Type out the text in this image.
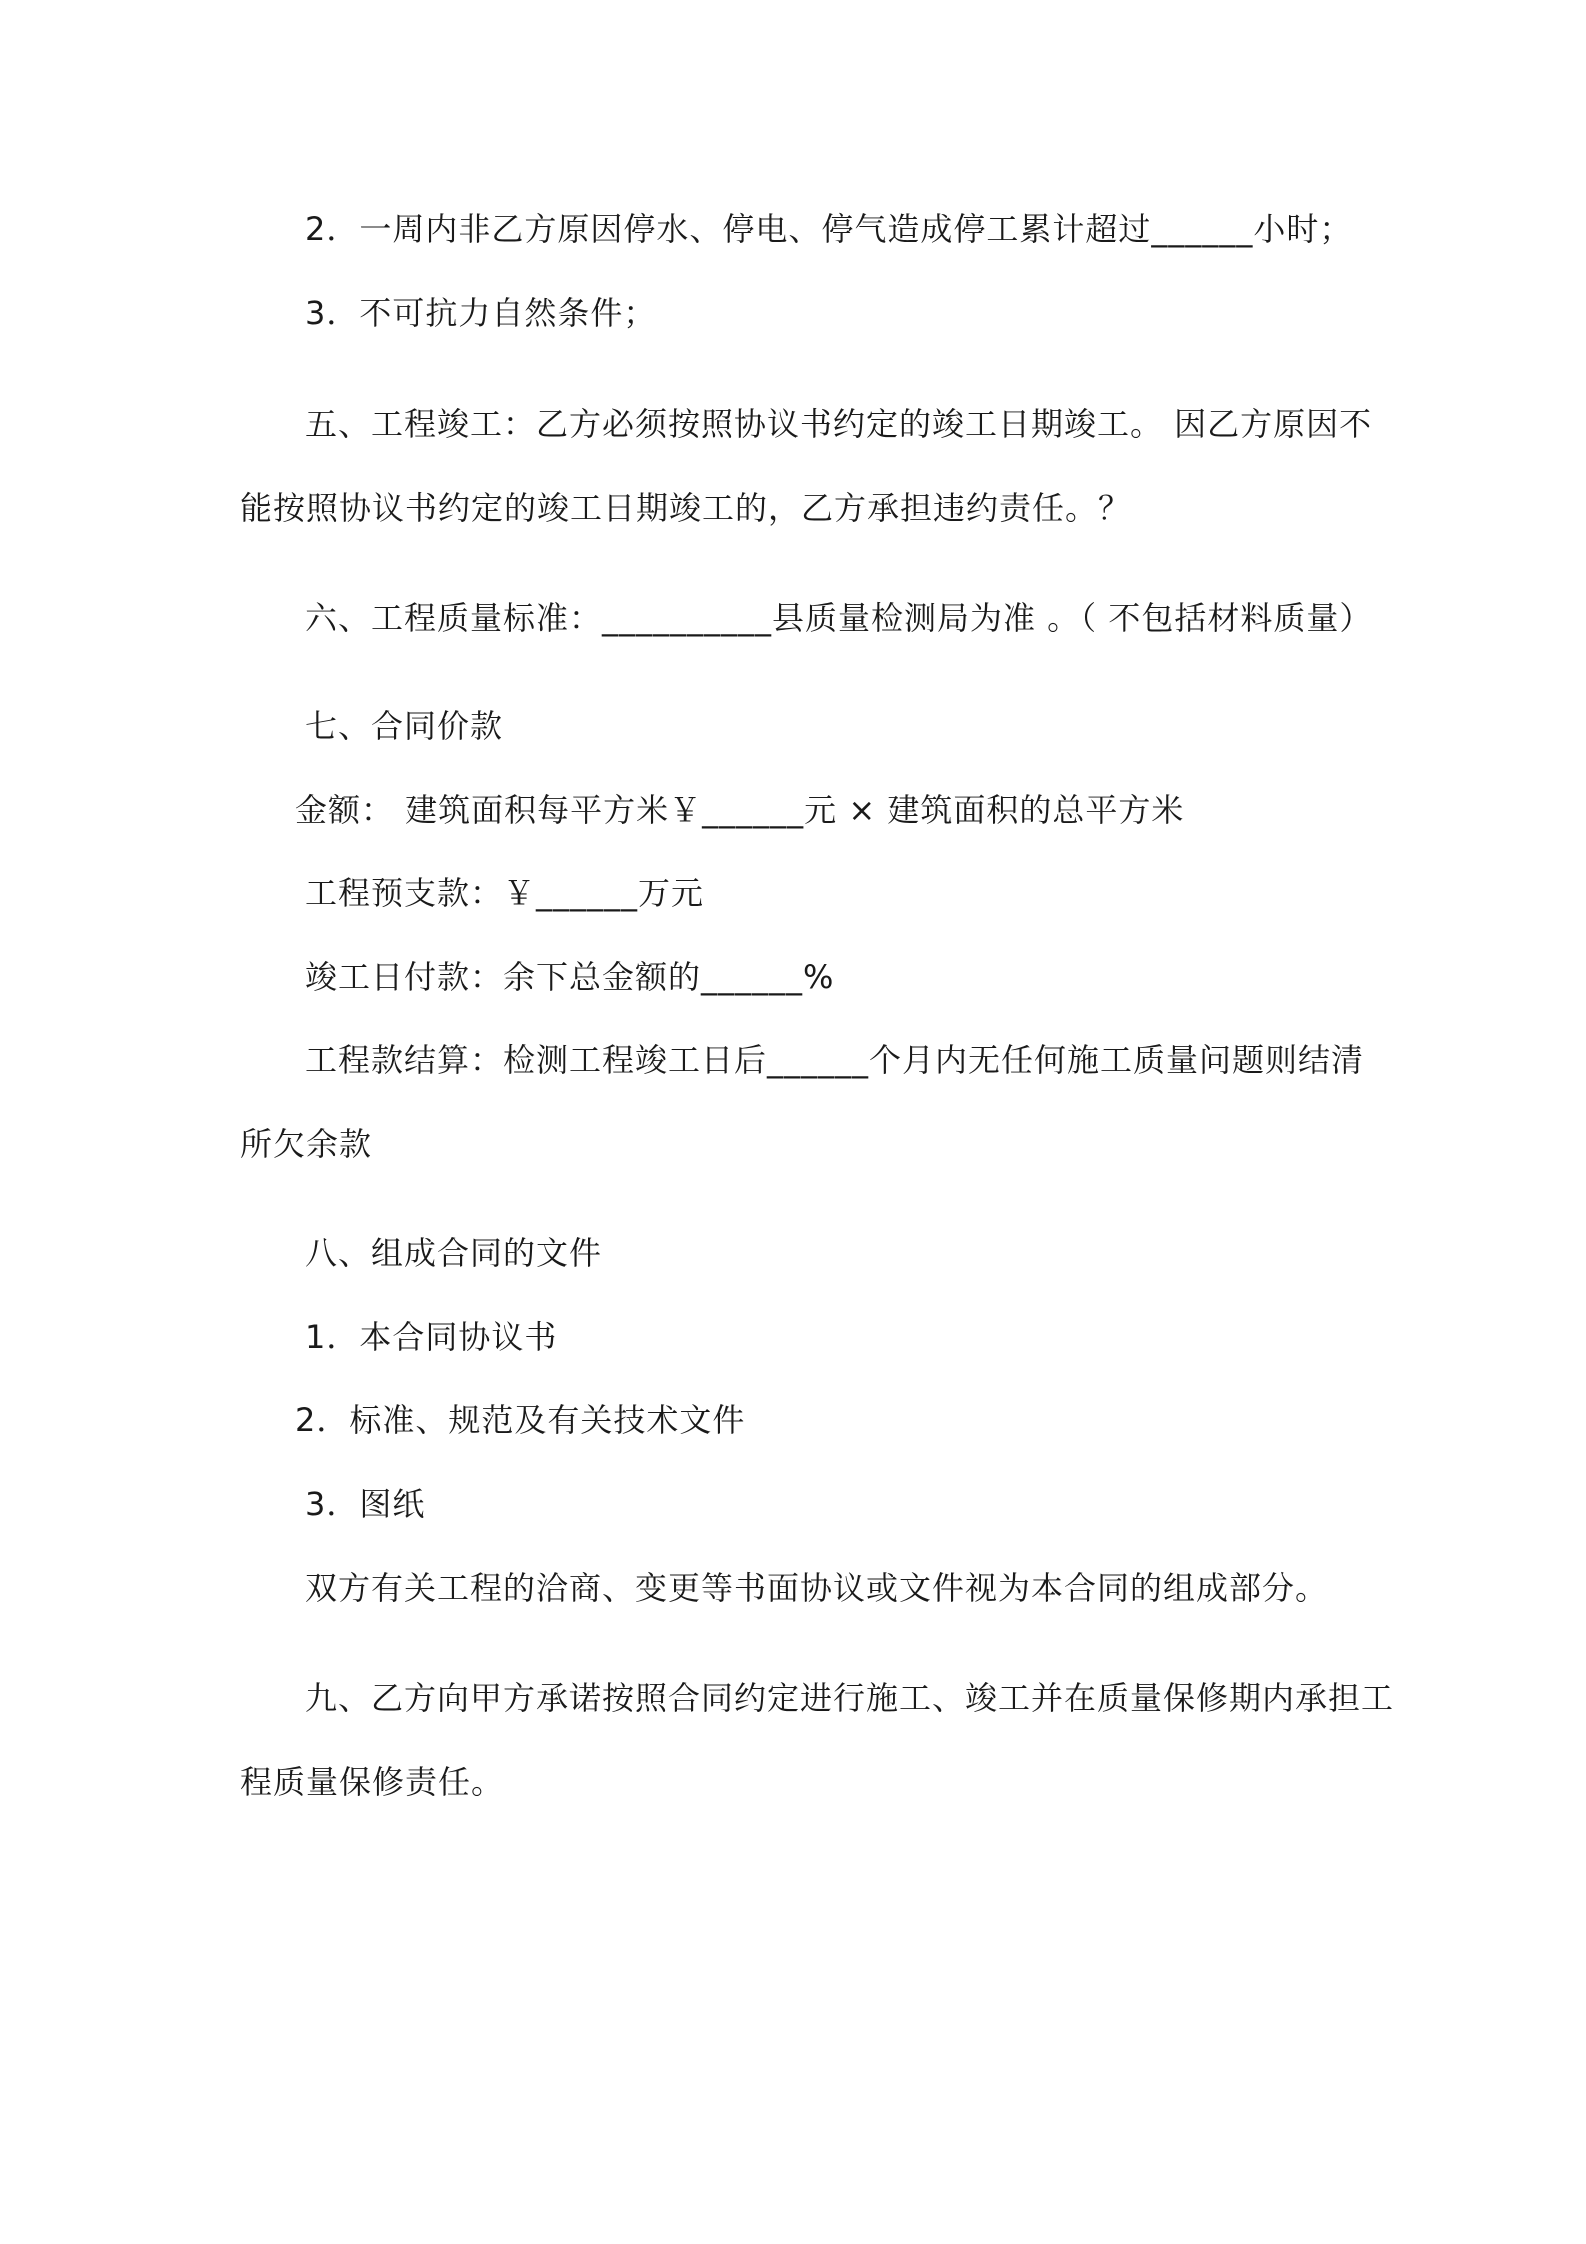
2．一周内非乙方原因停水、停电、停气造成停工累计超过______小时；

3．不可抗力自然条件；

五、工程竣工：乙方必须按照协议书约定的竣工日期竣工。 因乙方原因不

能按照协议书约定的竣工日期竣工的，乙方承担违约责任。？

六、工程质量标准：__________县质量检测局为准 。（ 不包括材料质量）

七、合同价款

金额： 建筑面积每平方米￥______元 × 建筑面积的总平方米

工程预支款：￥______万元

竣工日付款：余下总金额的______%

工程款结算：检测工程竣工日后______个月内无任何施工质量问题则结清

所欠余款

八、组成合同的文件

1．本合同协议书

2．标准、规范及有关技术文件

3．图纸

双方有关工程的洽商、变更等书面协议或文件视为本合同的组成部分。

九、乙方向甲方承诺按照合同约定进行施工、竣工并在质量保修期内承担工

程质量保修责任。
